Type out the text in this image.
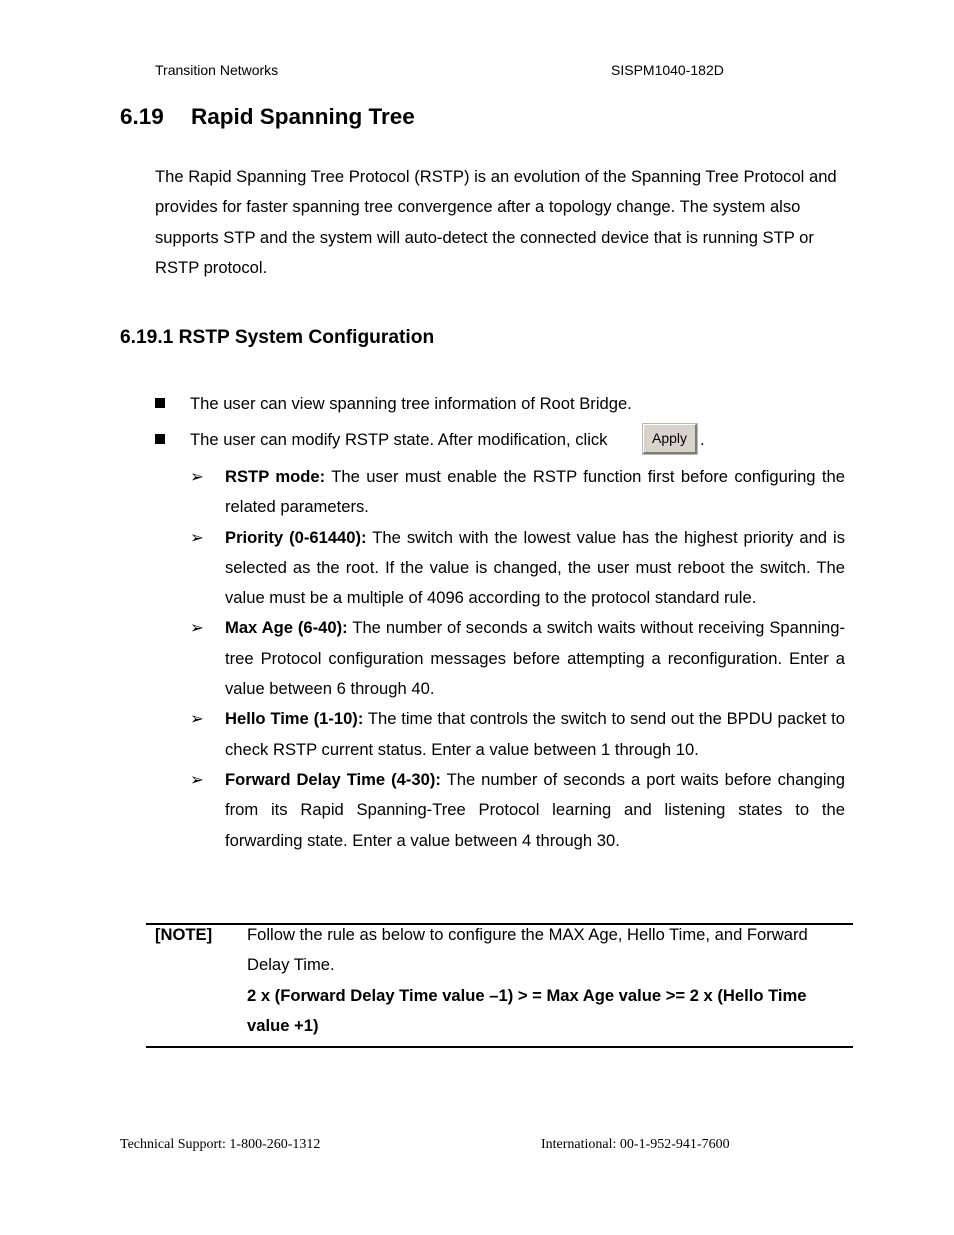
Transition Networks	SISPM1040-182D
6.19 Rapid Spanning Tree

The Rapid Spanning Tree Protocol (RSTP) is an evolution of the Spanning Tree Protocol and provides for faster spanning tree convergence after a topology change. The system also supports STP and the system will auto-detect the connected device that is running STP or RSTP protocol.

6.19.1 RSTP System Configuration
The user can view spanning tree information of Root Bridge.
The user can modify RSTP state. After modification, click	Apply .
➢ RSTP mode: The user must enable the RSTP function first before configuring the related parameters.
➢ Priority (0-61440): The switch with the lowest value has the highest priority and is selected as the root. If the value is changed, the user must reboot the switch. The value must be a multiple of 4096 according to the protocol standard rule.
➢ Max Age (6-40): The number of seconds a switch waits without receiving Spanning-tree Protocol configuration messages before attempting a reconfiguration. Enter a value between 6 through 40.
➢ Hello Time (1-10): The time that controls the switch to send out the BPDU packet to check RSTP current status. Enter a value between 1 through 10.
➢ Forward Delay Time (4-30): The number of seconds a port waits before changing from its Rapid Spanning-Tree Protocol learning and listening states to the forwarding state. Enter a value between 4 through 30.
[NOTE] Follow the rule as below to configure the MAX Age, Hello Time, and Forward Delay Time.
2 x (Forward Delay Time value –1) > = Max Age value >= 2 x (Hello Time value +1)
Technical Support: 1-800-260-1312	International: 00-1-952-941-7600
